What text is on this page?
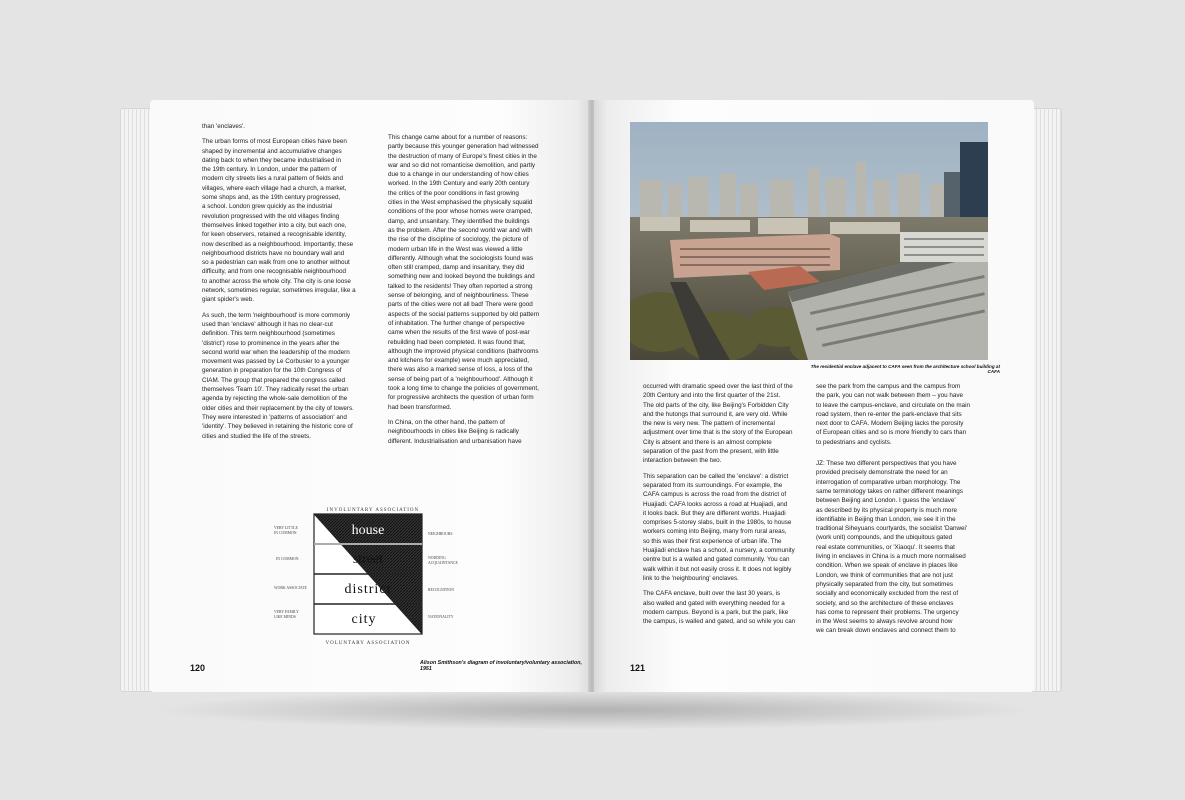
than 'enclaves'.

The urban forms of most European cities have been
shaped by incremental and accumulative changes
dating back to when they became industrialised in
the 19th century. In London, under the pattern of
modern city streets lies a rural pattern of fields and
villages, where each village had a church, a market,
some shops and, as the 19th century progressed,
a school. London grew quickly as the industrial
revolution progressed with the old villages finding
themselves linked together into a city, but each one,
for keen observers, retained a recognisable identity,
now described as a neighbourhood. Importantly, these
neighbourhood districts have no boundary wall and
so a pedestrian can walk from one to another without
difficulty, and from one recognisable neighbourhood
to another across the whole city. The city is one loose
network, sometimes regular, sometimes irregular, like a
giant spider's web.

As such, the term 'neighbourhood' is more commonly
used than 'enclave' although it has no clear-cut
definition. This term neighbourhood (sometimes
'district') rose to prominence in the years after the
second world war when the leadership of the modern
movement was passed by Le Corbusier to a younger
generation in preparation for the 10th Congress of
CIAM. The group that prepared the congress called
themselves 'Team 10'. They radically reset the urban
agenda by rejecting the whole-sale demolition of the
older cities and their replacement by the city of towers.
They were interested in 'patterns of association' and
'identity'. They believed in retaining the historic core of
cities and studied the life of the streets.

This change came about for a number of reasons:
partly because this younger generation had witnessed
the destruction of many of Europe's finest cities in the
war and so did not romanticise demolition, and partly
due to a change in our understanding of how cities
worked. In the 19th Century and early 20th century
the critics of the poor conditions in fast growing
cities in the West emphasised the physically squalid
conditions of the poor whose homes were cramped,
damp, and unsanitary. They identified the buildings
as the problem. After the second world war and with
the rise of the discipline of sociology, the picture of
modern urban life in the West was viewed a little
differently. Although what the sociologists found was
often still cramped, damp and insanitary, they did
something new and looked beyond the buildings and
talked to the residents! They often reported a strong
sense of belonging, and of neighbourliness. These
parts of the cities were not all bad! There were good
aspects of the social patterns supported by old pattern
of inhabitation. The further change of perspective
came when the results of the first wave of post-war
rebuilding had been completed. It was found that,
although the improved physical conditions (bathrooms
and kitchens for example) were much appreciated,
there was also a marked sense of loss, a loss of the
sense of being part of a 'neighbourhood'. Although it
took a long time to change the policies of government,
for progressive architects the question of urban form
had been transformed.

In China, on the other hand, the pattern of
neighbourhoods in cities like Beijing is radically
different. Industrialisation and urbanisation have

INVOLUNTARY ASSOCIATION
house
street
district
city
VOLUNTARY ASSOCIATION
VERY LITTLE
IN COMMON
IN COMMON
WORK ASSOCIATE
VERY FAMILY
LIKE MINDS
NEIGHBOURS
NODDING
ACQUAINTANCE
RECOGNITION
NATIONALITY
Alison Smithson's diagram of involuntary/voluntary association, 1951
120

occurred with dramatic speed over the last third of the
20th Century and into the first quarter of the 21st.
The old parts of the city, like Beijing's Forbidden City
and the hutongs that surround it, are very old. While
the new is very new. The pattern of incremental
adjustment over time that is the story of the European
City is absent and there is an almost complete
separation of the past from the present, with little
interaction between the two.

This separation can be called the 'enclave': a district
separated from its surroundings. For example, the
CAFA campus is across the road from the district of
Huajiadi. CAFA looks across a road at Huajiadi, and
it looks back. But they are different worlds. Huajiadi
comprises 5-storey slabs, built in the 1980s, to house
workers coming into Beijing, many from rural areas,
so this was their first experience of urban life. The
Huajiadi enclave has a school, a nursery, a community
centre but is a walled and gated community. You can
walk within it but not easily cross it. It does not legibly
link to the 'neighbouring' enclaves.

The CAFA enclave, built over the last 30 years, is
also walled and gated with everything needed for a
modern campus. Beyond is a park, but the park, like
the campus, is walled and gated, and so while you can

see the park from the campus and the campus from
the park, you can not walk between them – you have
to leave the campus-enclave, and circulate on the main
road system, then re-enter the park-enclave that sits
next door to CAFA. Modern Beijing lacks the porosity
of European cities and so is more friendly to cars than
to pedestrians and cyclists.

JZ: These two different perspectives that you have
provided precisely demonstrate the need for an
interrogation of comparative urban morphology. The
same terminology takes on rather different meanings
between Beijing and London. I guess the 'enclave'
as described by its physical property is much more
identifiable in Beijing than London, we see it in the
traditional Siheyuans courtyards, the socialist 'Danwei'
(work unit) compounds, and the ubiquitous gated
real estate communities, or 'Xiaoqu'. It seems that
living in enclaves in China is a much more normalised
condition. When we speak of enclave in places like
London, we think of communities that are not just
physically separated from the city, but sometimes
socially and economically excluded from the rest of
society, and so the architecture of these enclaves
has come to represent their problems. The urgency
in the West seems to always revolve around how
we can break down enclaves and connect them to

The residential enclave adjacent to CAFA seen from the architecture school building at CAFA
121
